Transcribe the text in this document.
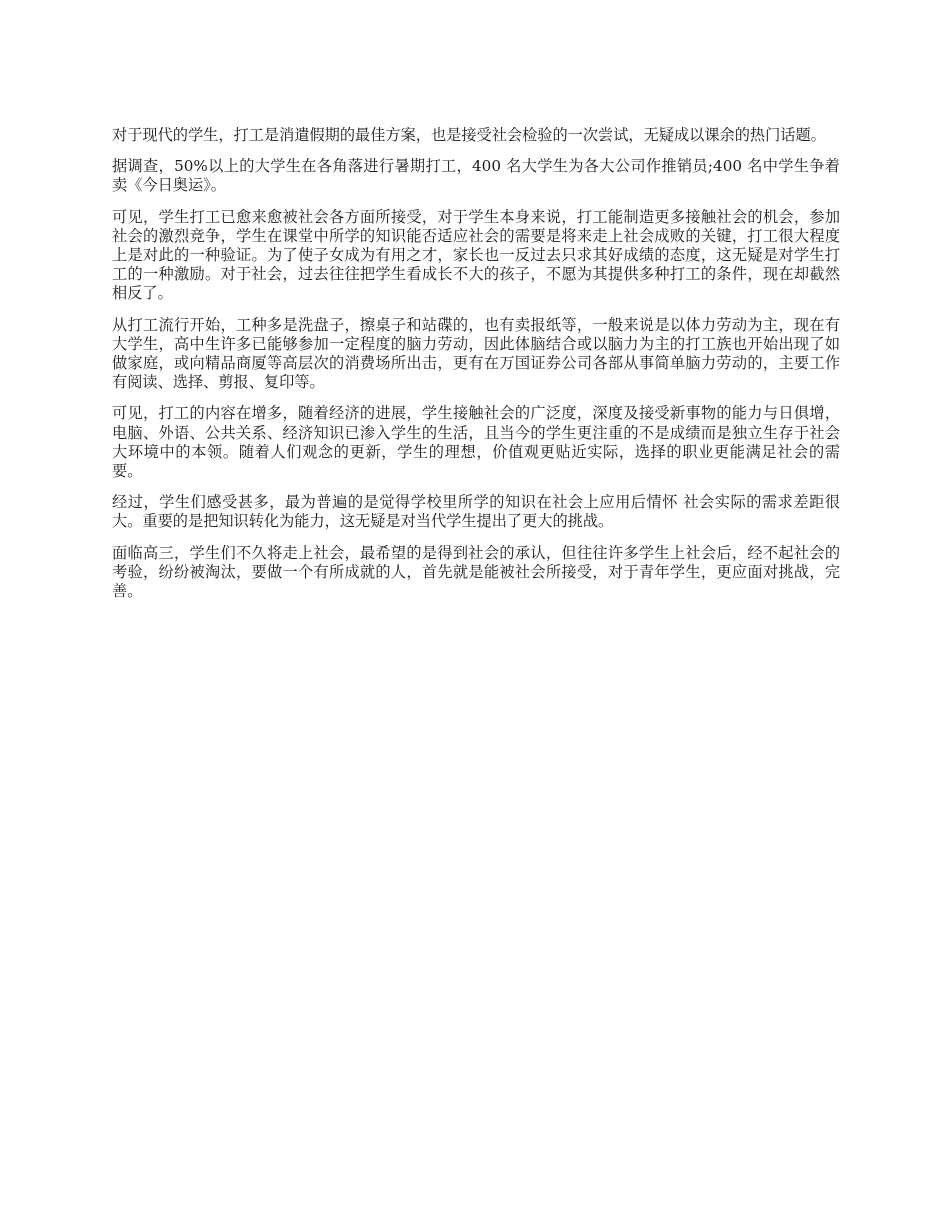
对于现代的学生，打工是消遣假期的最佳方案，也是接受社会检验的一次尝试，无疑成以课余的热门话题。

据调查，50%以上的大学生在各角落进行暑期打工，400 名大学生为各大公司作推销员;400 名中学生争着卖《今日奥运》。

可见，学生打工已愈来愈被社会各方面所接受，对于学生本身来说，打工能制造更多接触社会的机会，参加社会的激烈竞争，学生在课堂中所学的知识能否适应社会的需要是将来走上社会成败的关键，打工很大程度上是对此的一种验证。为了使子女成为有用之才，家长也一反过去只求其好成绩的态度，这无疑是对学生打工的一种激励。对于社会，过去往往把学生看成长不大的孩子，不愿为其提供多种打工的条件，现在却截然相反了。

从打工流行开始，工种多是洗盘子，擦桌子和站碟的，也有卖报纸等，一般来说是以体力劳动为主，现在有大学生，高中生许多已能够参加一定程度的脑力劳动，因此体脑结合或以脑力为主的打工族也开始出现了如做家庭，或向精品商厦等高层次的消费场所出击，更有在万国证券公司各部从事简单脑力劳动的，主要工作有阅读、选择、剪报、复印等。

可见，打工的内容在增多，随着经济的进展，学生接触社会的广泛度，深度及接受新事物的能力与日俱增，电脑、外语、公共关系、经济知识已渗入学生的生活，且当今的学生更注重的不是成绩而是独立生存于社会大环境中的本领。随着人们观念的更新，学生的理想，价值观更贴近实际，选择的职业更能满足社会的需要。

经过，学生们感受甚多，最为普遍的是觉得学校里所学的知识在社会上应用后情怀 社会实际的需求差距很大。重要的是把知识转化为能力，这无疑是对当代学生提出了更大的挑战。

面临高三，学生们不久将走上社会，最希望的是得到社会的承认，但往往许多学生上社会后，经不起社会的考验，纷纷被淘汰，要做一个有所成就的人，首先就是能被社会所接受，对于青年学生，更应面对挑战，完善。
